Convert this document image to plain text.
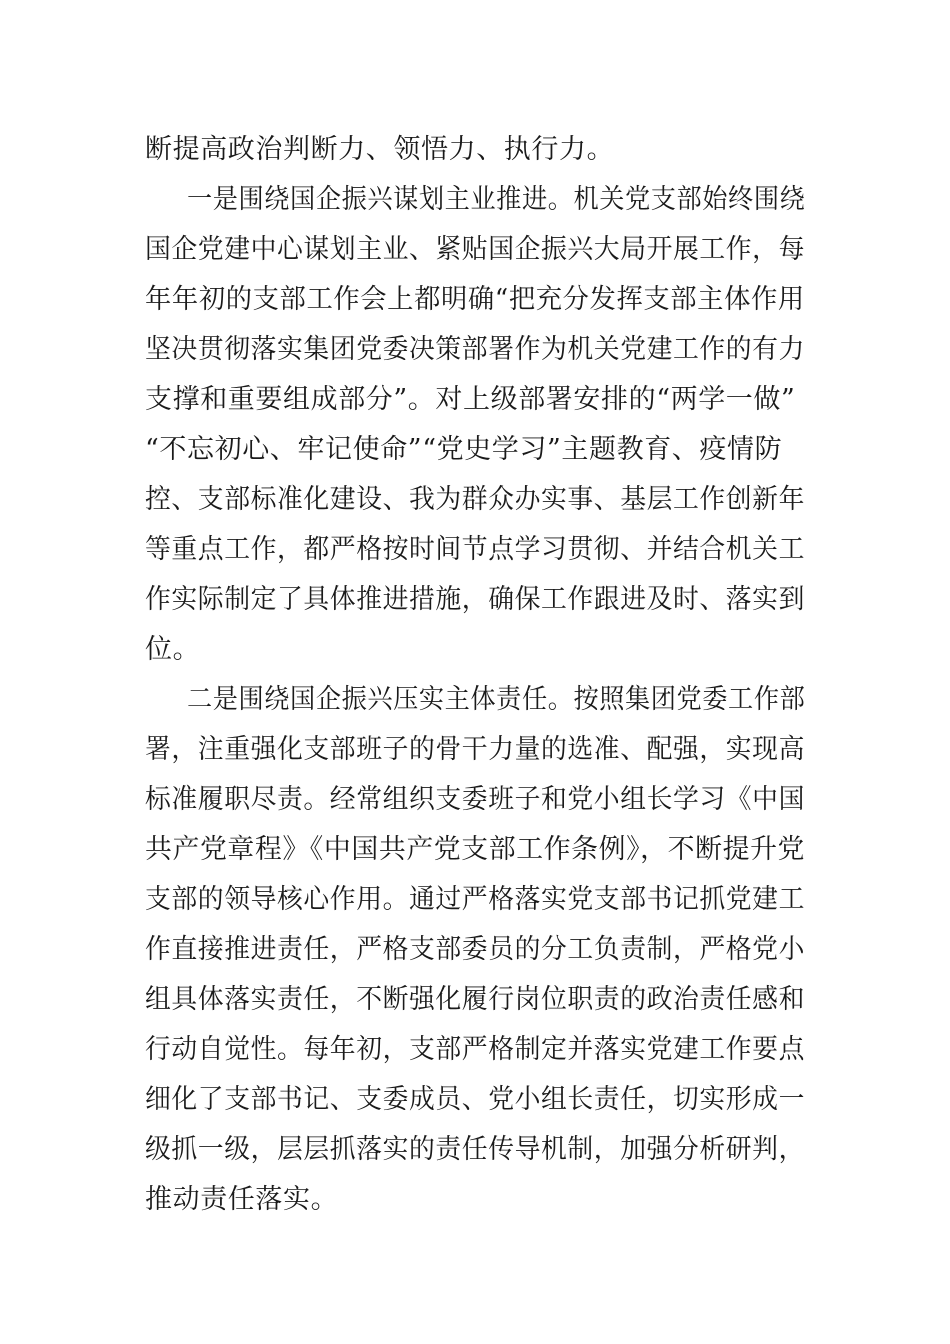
断提高政治判断力、领悟力、执行力。
一是围绕国企振兴谋划主业推进。机关党支部始终围绕
国企党建中心谋划主业、紧贴国企振兴大局开展工作，每
年年初的支部工作会上都明确“把充分发挥支部主体作用
坚决贯彻落实集团党委决策部署作为机关党建工作的有力
支撑和重要组成部分”。对上级部署安排的“两学一做”
“不忘初心、牢记使命”“党史学习”主题教育、疫情防
控、支部标准化建设、我为群众办实事、基层工作创新年
等重点工作，都严格按时间节点学习贯彻、并结合机关工
作实际制定了具体推进措施，确保工作跟进及时、落实到
位。
二是围绕国企振兴压实主体责任。按照集团党委工作部
署，注重强化支部班子的骨干力量的选准、配强，实现高
标准履职尽责。经常组织支委班子和党小组长学习《中国
共产党章程》《中国共产党支部工作条例》，不断提升党
支部的领导核心作用。通过严格落实党支部书记抓党建工
作直接推进责任，严格支部委员的分工负责制，严格党小
组具体落实责任，不断强化履行岗位职责的政治责任感和
行动自觉性。每年初，支部严格制定并落实党建工作要点
细化了支部书记、支委成员、党小组长责任，切实形成一
级抓一级，层层抓落实的责任传导机制，加强分析研判，
推动责任落实。
